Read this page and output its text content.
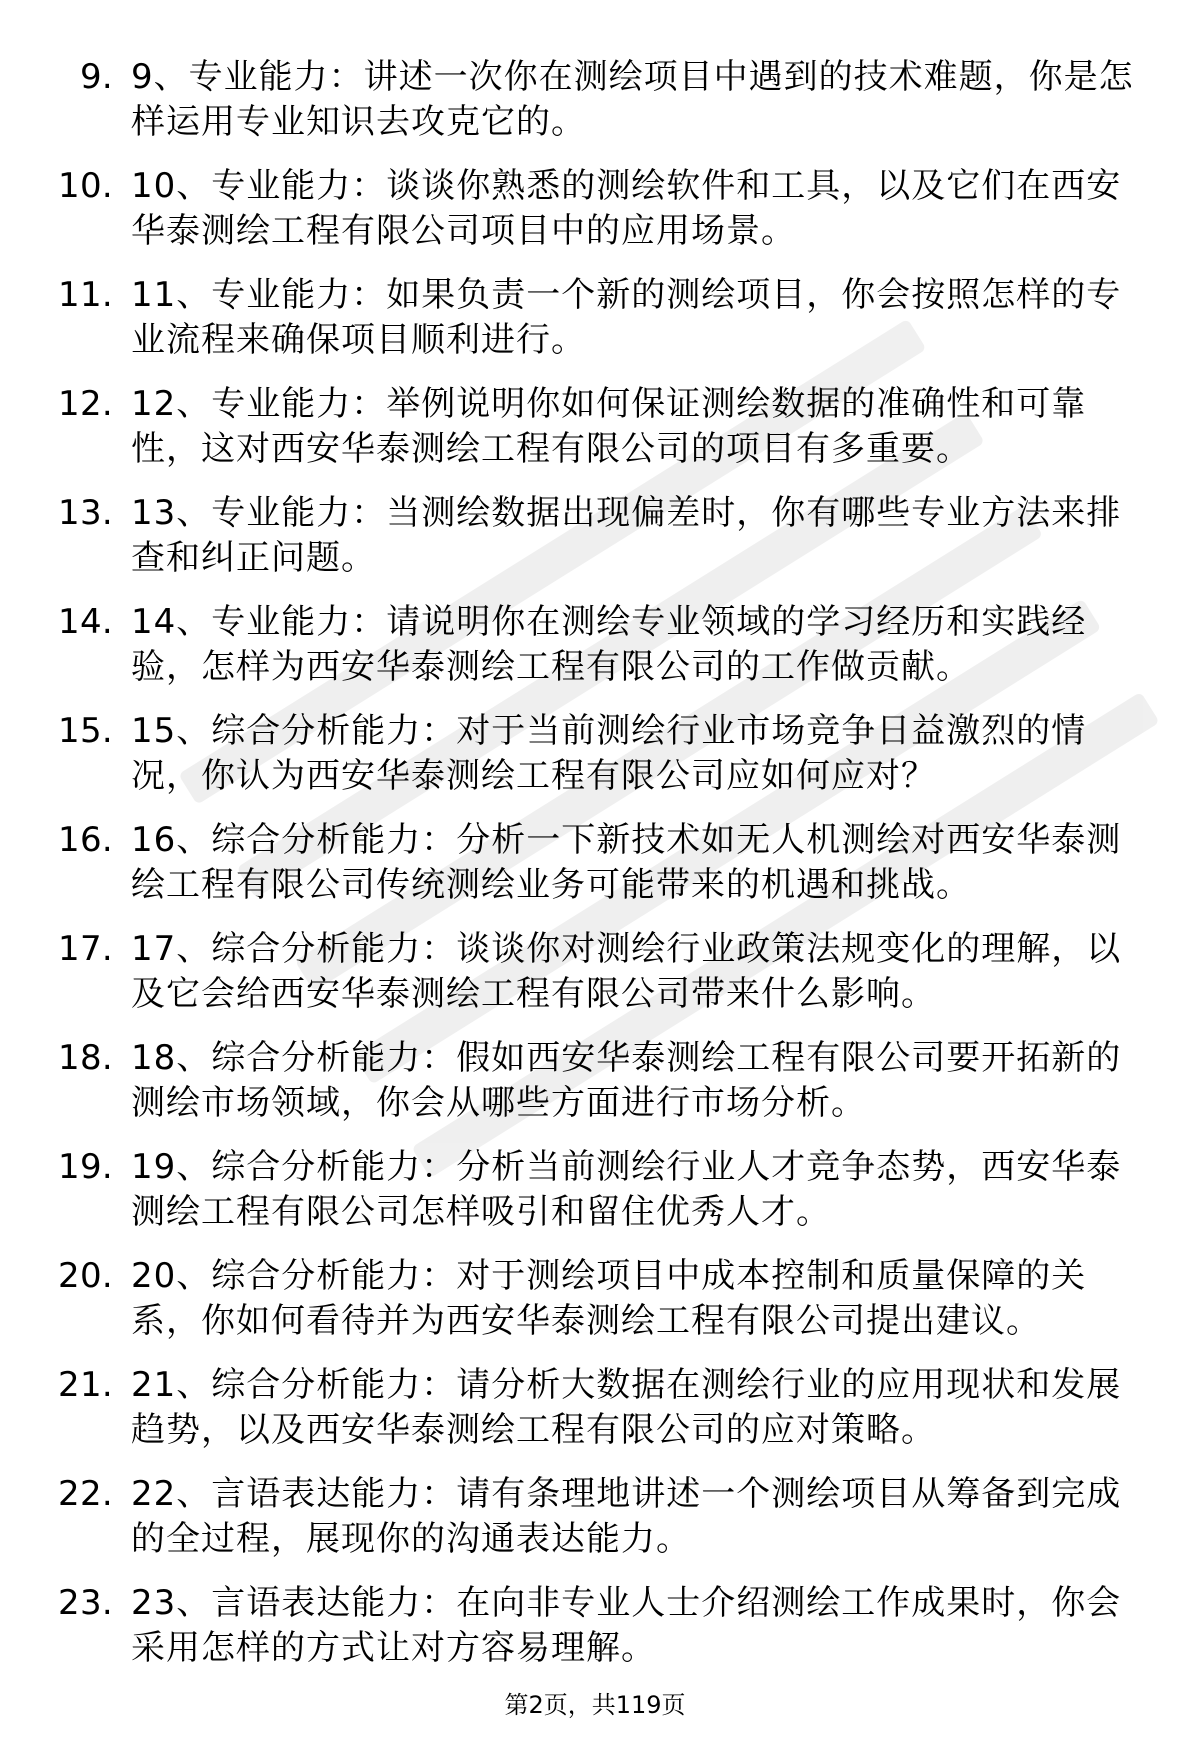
9. 9、专业能力：讲述一次你在测绘项目中遇到的技术难题，你是怎
样运用专业知识去攻克它的。

10. 10、专业能力：谈谈你熟悉的测绘软件和工具，以及它们在西安
华泰测绘工程有限公司项目中的应用场景。

11. 11、专业能力：如果负责一个新的测绘项目，你会按照怎样的专
业流程来确保项目顺利进行。

12. 12、专业能力：举例说明你如何保证测绘数据的准确性和可靠
性，这对西安华泰测绘工程有限公司的项目有多重要。

13. 13、专业能力：当测绘数据出现偏差时，你有哪些专业方法来排
查和纠正问题。

14. 14、专业能力：请说明你在测绘专业领域的学习经历和实践经
验，怎样为西安华泰测绘工程有限公司的工作做贡献。

15. 15、综合分析能力：对于当前测绘行业市场竞争日益激烈的情
况，你认为西安华泰测绘工程有限公司应如何应对？

16. 16、综合分析能力：分析一下新技术如无人机测绘对西安华泰测
绘工程有限公司传统测绘业务可能带来的机遇和挑战。

17. 17、综合分析能力：谈谈你对测绘行业政策法规变化的理解，以
及它会给西安华泰测绘工程有限公司带来什么影响。

18. 18、综合分析能力：假如西安华泰测绘工程有限公司要开拓新的
测绘市场领域，你会从哪些方面进行市场分析。

19. 19、综合分析能力：分析当前测绘行业人才竞争态势，西安华泰
测绘工程有限公司怎样吸引和留住优秀人才。

20. 20、综合分析能力：对于测绘项目中成本控制和质量保障的关
系，你如何看待并为西安华泰测绘工程有限公司提出建议。

21. 21、综合分析能力：请分析大数据在测绘行业的应用现状和发展
趋势，以及西安华泰测绘工程有限公司的应对策略。

22. 22、言语表达能力：请有条理地讲述一个测绘项目从筹备到完成
的全过程，展现你的沟通表达能力。

23. 23、言语表达能力：在向非专业人士介绍测绘工作成果时，你会
采用怎样的方式让对方容易理解。

第2页，共119页
